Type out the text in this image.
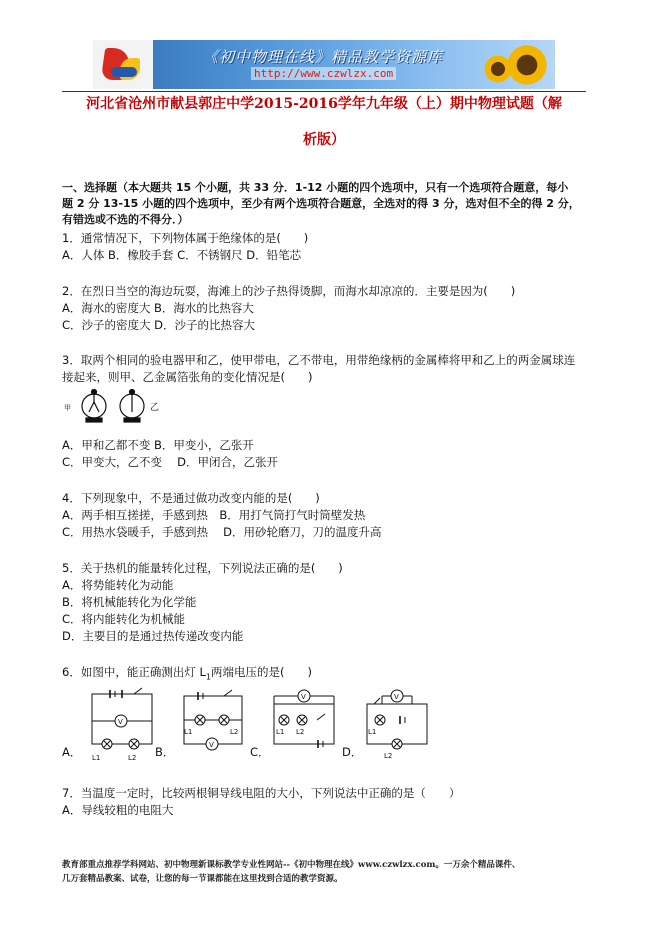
《初中物理在线》精品教学资源库
http://www.czwlzx.com
河北省沧州市献县郭庄中学2015-2016学年九年级（上）期中物理试题（解
析版）
一、选择题（本大题共 15 个小题，共 33 分．1-12 小题的四个选项中，只有一个选项符合题意，每小
题 2 分 13-15 小题的四个选项中，至少有两个选项符合题意，全选对的得 3 分，选对但不全的得 2 分，
有错选或不选的不得分．）
1．通常情况下，下列物体属于绝缘体的是(　　)
A．人体 B．橡胶手套 C．不锈钢尺 D．铅笔芯
2．在烈日当空的海边玩耍，海滩上的沙子热得烫脚，而海水却凉凉的．主要是因为(　　)
A．海水的密度大 B．海水的比热容大
C．沙子的密度大 D．沙子的比热容大
3．取两个相同的验电器甲和乙，使甲带电，乙不带电，用带绝缘柄的金属棒将甲和乙上的两金属球连
接起来，则甲、乙金属箔张角的变化情况是(　　)
甲	乙
A．甲和乙都不变 B．甲变小，乙张开
C．甲变大，乙不变　 D．甲闭合，乙张开
4．下列现象中，不是通过做功改变内能的是(　　)
A．两手相互搓搓，手感到热　B．用打气筒打气时筒壁发热
C．用热水袋暖手，手感到热　 D．用砂轮磨刀，刀的温度升高
5．关于热机的能量转化过程，下列说法正确的是(　　)
A．将势能转化为动能
B．将机械能转化为化学能
C．将内能转化为机械能
D．主要目的是通过热传递改变内能
6．如图中，能正确测出灯 $L_1$两端电压的是(　　)
V
L1	L2
V
L1	L2
V
L1 L2
V
L1
L2
A．	B．	C．	D．
7．当温度一定时，比较两根铜导线电阻的大小，下列说法中正确的是（　　）
A．导线较粗的电阻大
教育部重点推荐学科网站、初中物理新课标教学专业性网站--《初中物理在线》www.czwlzx.com。一万余个精品课件、
几万套精品教案、试卷，让您的每一节课都能在这里找到合适的教学资源。
